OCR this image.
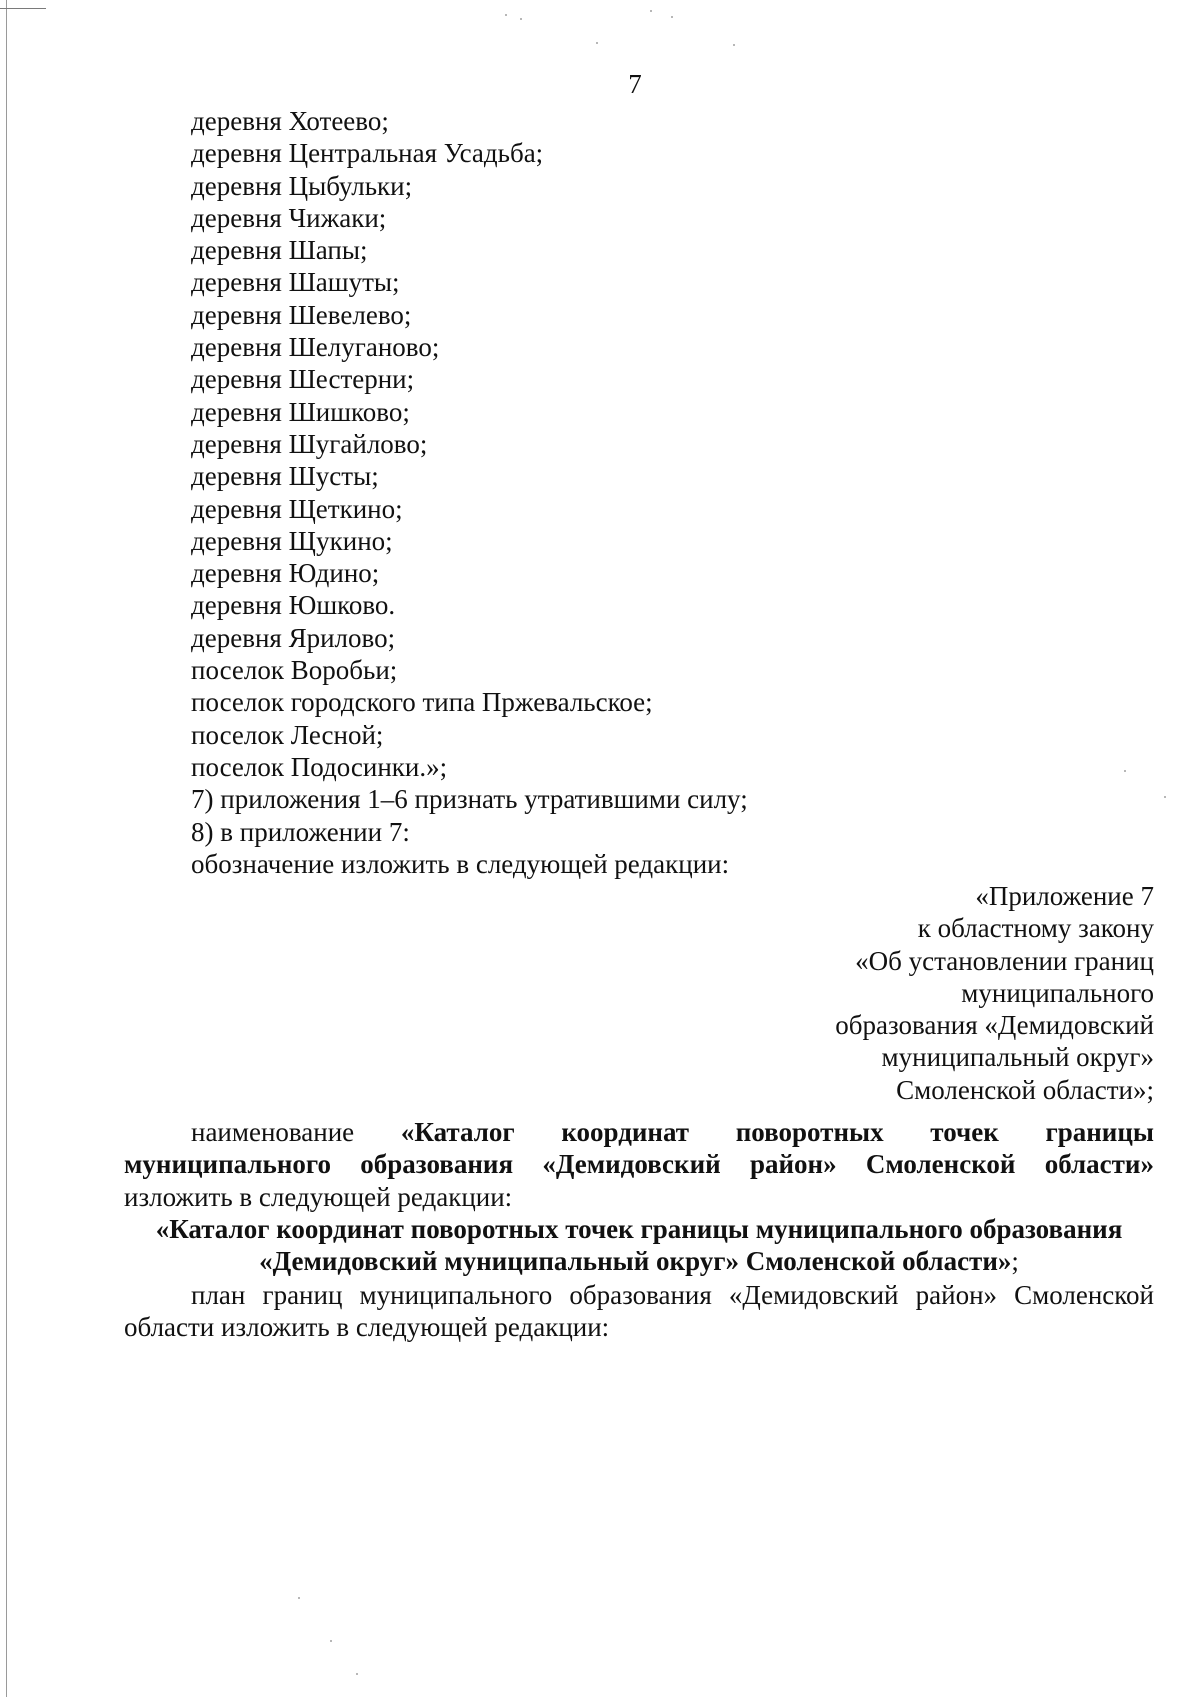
7
деревня Хотеево;
деревня Центральная Усадьба;
деревня Цыбульки;
деревня Чижаки;
деревня Шапы;
деревня Шашуты;
деревня Шевелево;
деревня Шелуганово;
деревня Шестерни;
деревня Шишково;
деревня Шугайлово;
деревня Шусты;
деревня Щеткино;
деревня Щукино;
деревня Юдино;
деревня Юшково.
деревня Ярилово;
поселок Воробьи;
поселок городского типа Пржевальское;
поселок Лесной;
поселок Подосинки.»;
7) приложения 1–6 признать утратившими силу;
8) в приложении 7:
обозначение изложить в следующей редакции:
«Приложение 7
к областному закону
«Об установлении границ
муниципального
образования «Демидовский
муниципальный округ»
Смоленской области»;
наименование «Каталог координат поворотных точек границы муниципального образования «Демидовский район» Смоленской области» изложить в следующей редакции:
«Каталог координат поворотных точек границы муниципального образования
«Демидовский муниципальный округ» Смоленской области»;
план границ муниципального образования «Демидовский район» Смоленской области изложить в следующей редакции:
